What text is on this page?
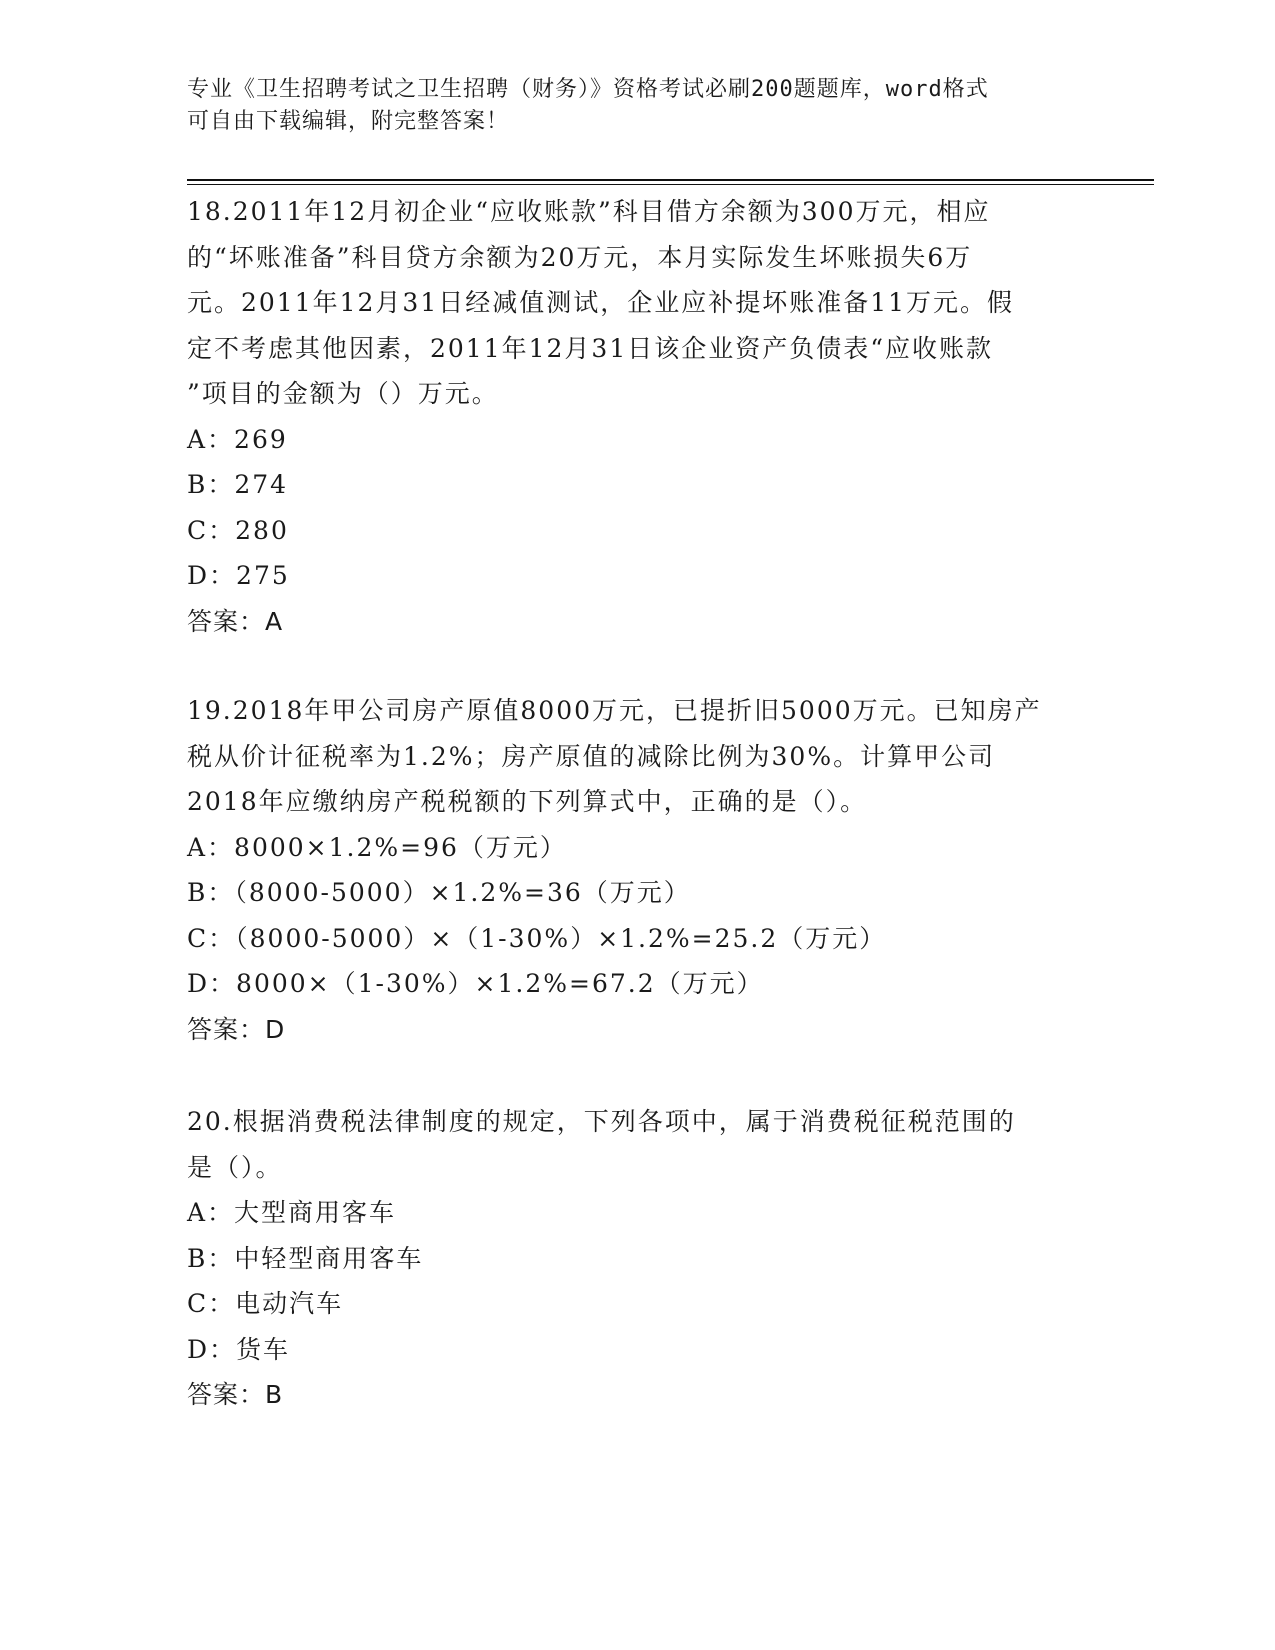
专业《卫生招聘考试之卫生招聘（财务）》资格考试必刷200题题库，word格式
可自由下载编辑，附完整答案！
18.2011年12月初企业“应收账款”科目借方余额为300万元，相应
的“坏账准备”科目贷方余额为20万元，本月实际发生坏账损失6万
元。2011年12月31日经减值测试，企业应补提坏账准备11万元。假
定不考虑其他因素，2011年12月31日该企业资产负债表“应收账款
”项目的金额为（）万元。
A：269
B：274
C：280
D：275
答案：A
19.2018年甲公司房产原值8000万元，已提折旧5000万元。已知房产
税从价计征税率为1.2%；房产原值的减除比例为30%。计算甲公司
2018年应缴纳房产税税额的下列算式中，正确的是（）。
A：8000×1.2%=96（万元）
B：（8000-5000）×1.2%=36（万元）
C：（8000-5000）×（1-30%）×1.2%=25.2（万元）
D：8000×（1-30%）×1.2%=67.2（万元）
答案：D
20.根据消费税法律制度的规定，下列各项中，属于消费税征税范围的
是（）。
A：大型商用客车
B：中轻型商用客车
C：电动汽车
D：货车
答案：B
